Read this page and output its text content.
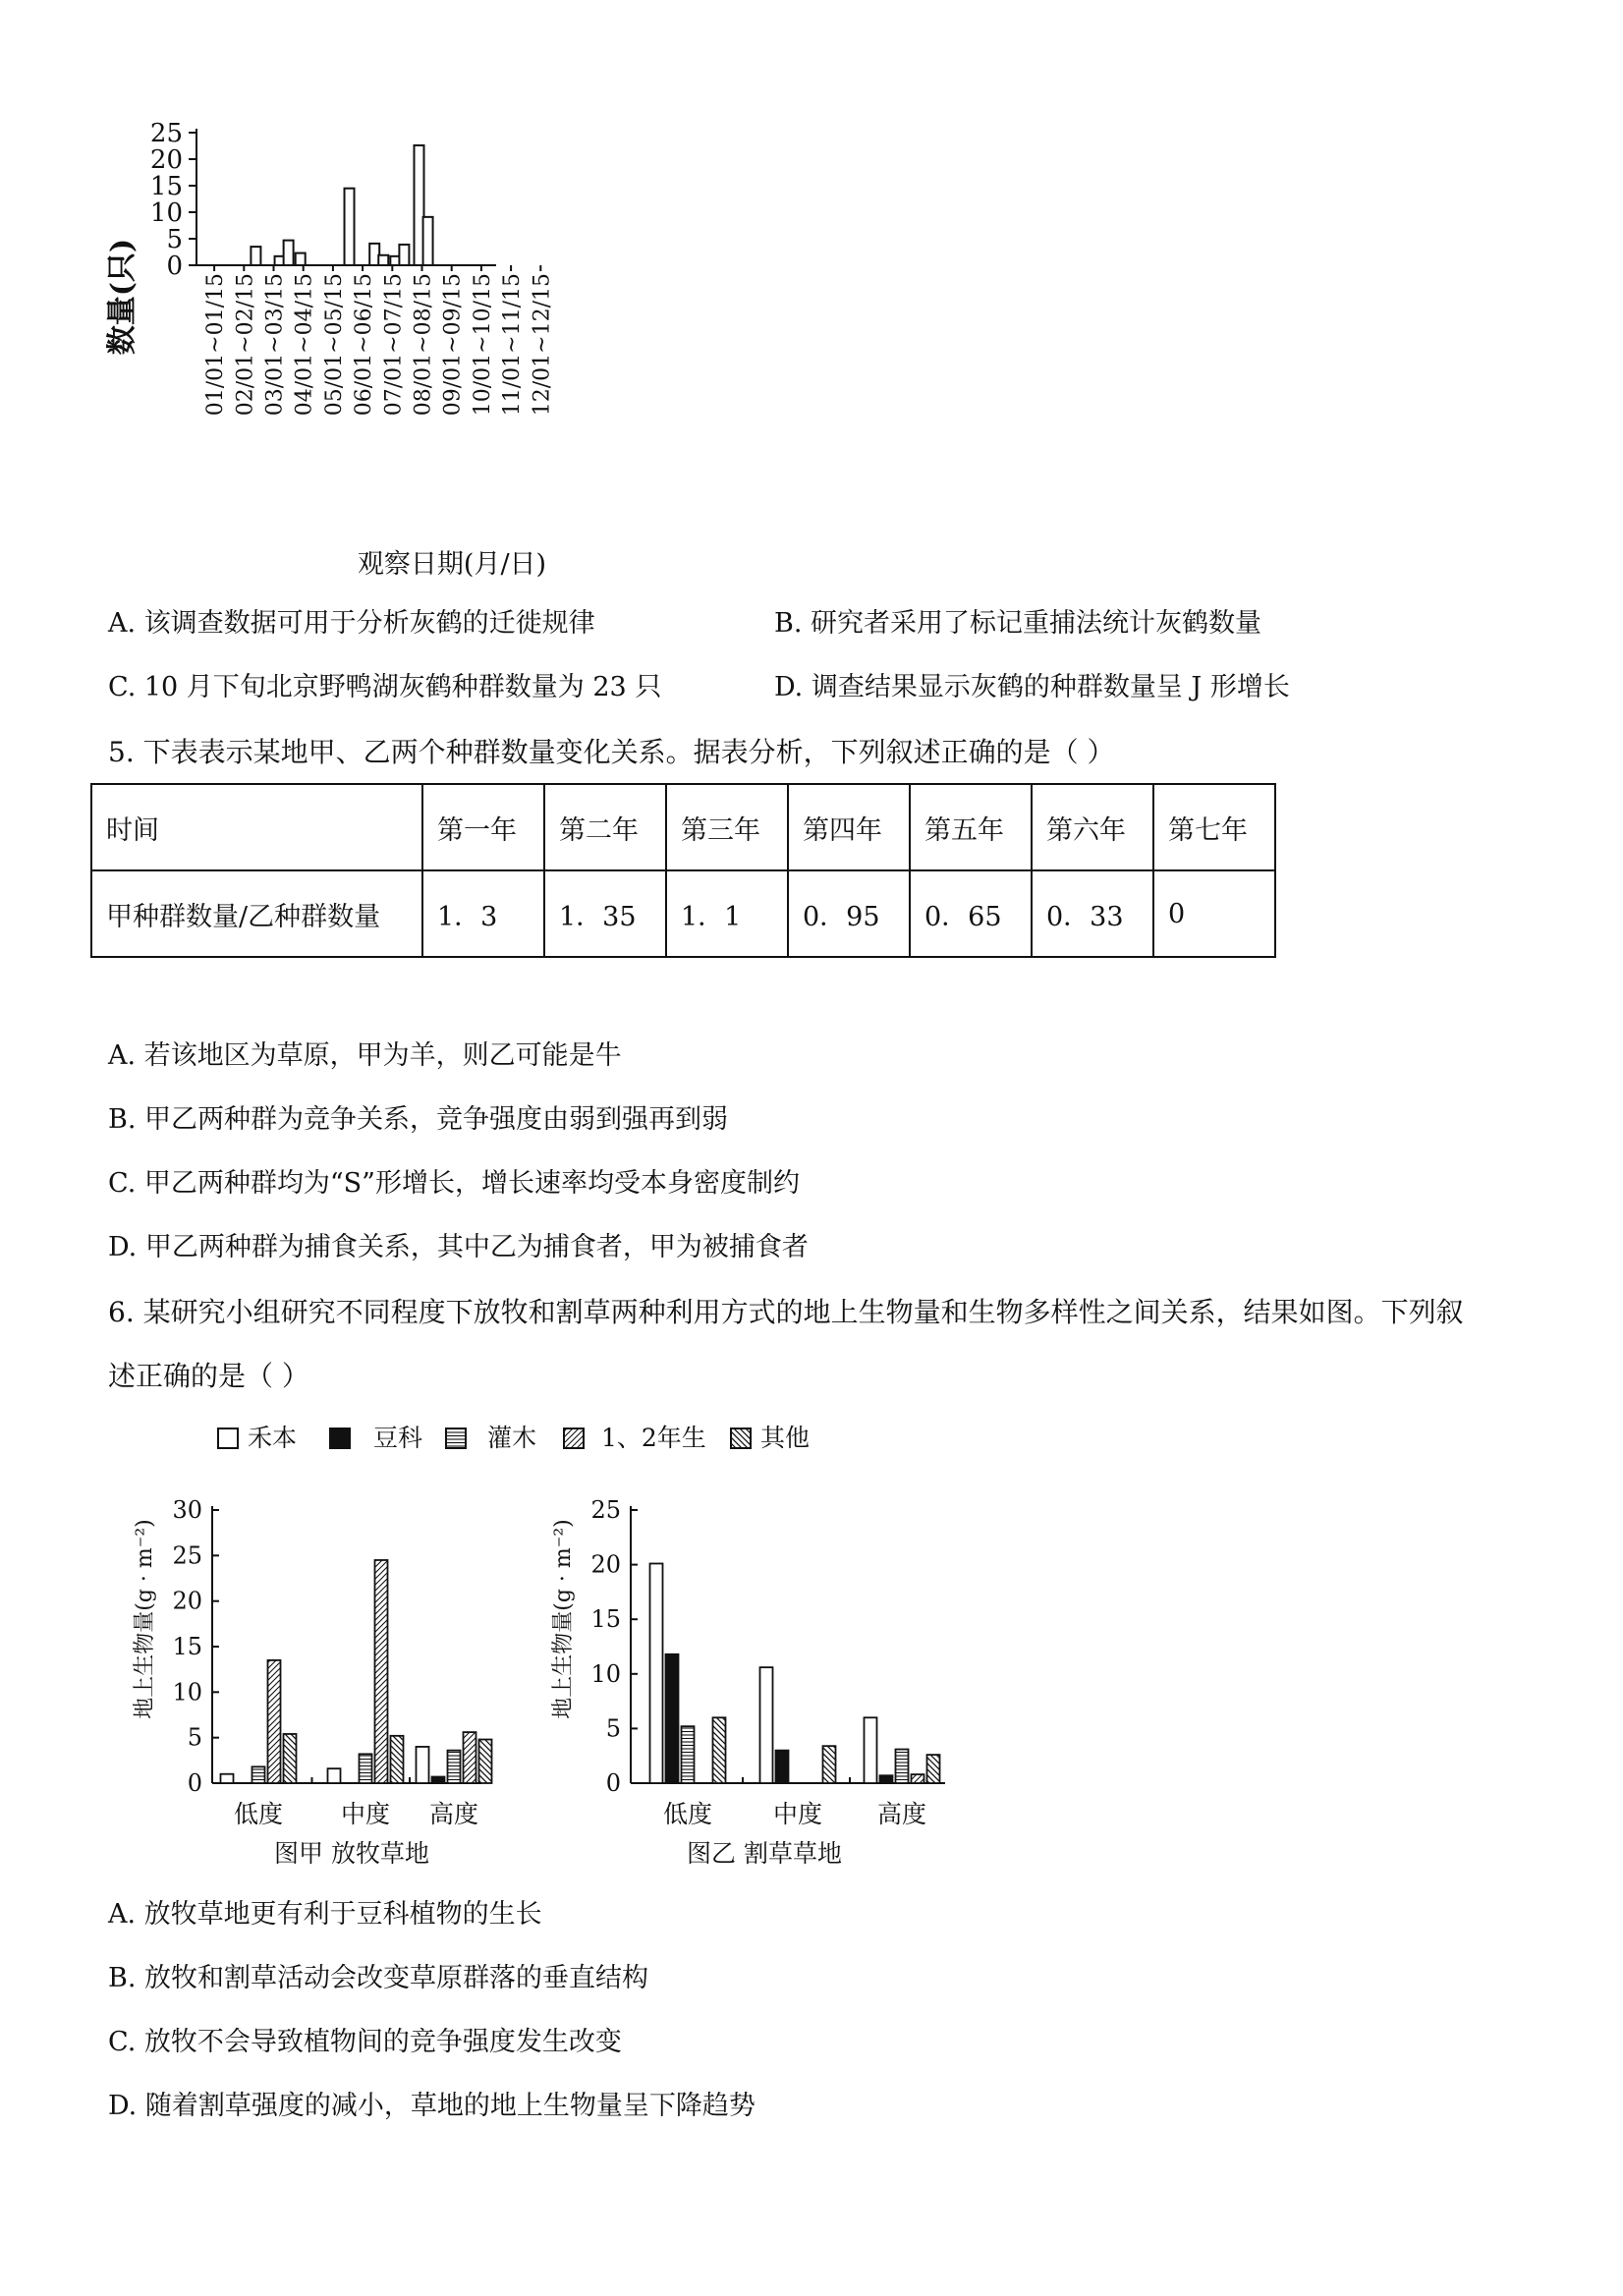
数量(只)
观察日期(月/日)
0
5
10
15
20
25
01/01~01/15 02/01~02/15 03/01~03/15 04/01~04/15 05/01~05/15 06/01~06/15 07/01~07/15 08/01~08/15 09/01~09/15 10/01~10/15 11/01~11/15 12/01~12/15
A. 该调查数据可用于分析灰鹤的迁徙规律	B. 研究者采用了标记重捕法统计灰鹤数量
C. 10 月下旬北京野鸭湖灰鹤种群数量为 23 只	D. 调查结果显示灰鹤的种群数量呈 J 形增长
5. 下表表示某地甲、乙两个种群数量变化关系。据表分析，下列叙述正确的是（ ）
时间	第一年	第二年	第三年	第四年	第五年	第六年	第七年
甲种群数量/乙种群数量	1．3	1．35	1．1	0．95	0．65	0．33	0
A. 若该地区为草原，甲为羊，则乙可能是牛
B. 甲乙两种群为竞争关系，竞争强度由弱到强再到弱
C. 甲乙两种群均为“S”形增长，增长速率均受本身密度制约
D. 甲乙两种群为捕食关系，其中乙为捕食者，甲为被捕食者
6. 某研究小组研究不同程度下放牧和割草两种利用方式的地上生物量和生物多样性之间关系，结果如图。下列叙
述正确的是（ ）
禾本	豆科	灌木	1、2年生 其他
地上生物量(g · m⁻²)	地上生物量(g · m⁻²)
图甲 放牧草地	图乙 割草草地
0
5
10
15
20
25
30
低度 中度 高度
0
5
10
15
20
25
低度 中度 高度
A. 放牧草地更有利于豆科植物的生长
B. 放牧和割草活动会改变草原群落的垂直结构
C. 放牧不会导致植物间的竞争强度发生改变
D. 随着割草强度的减小，草地的地上生物量呈下降趋势
